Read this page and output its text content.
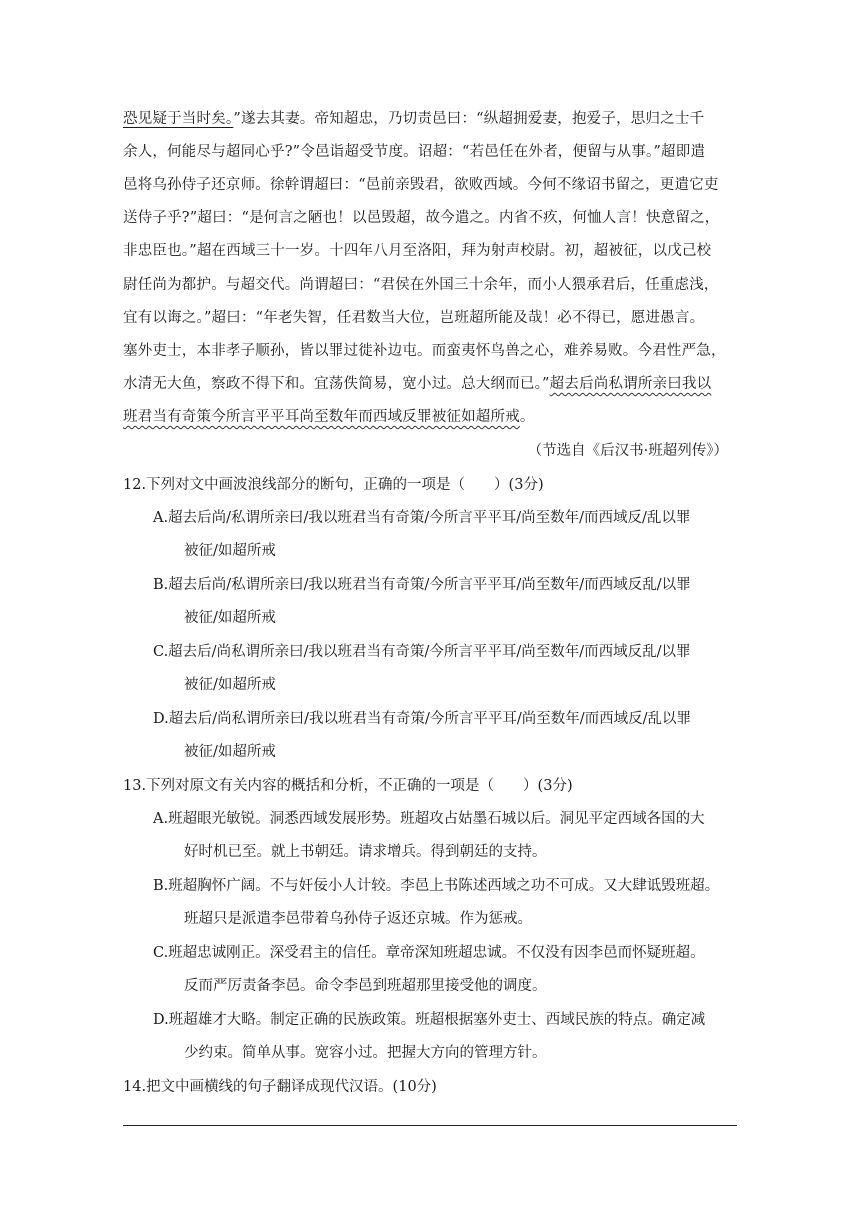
恐见疑于当时矣。”遂去其妻。帝知超忠，乃切责邑曰：“纵超拥爱妻，抱爱子，思归之士千
余人，何能尽与超同心乎?”令邑诣超受节度。诏超：“若邑任在外者，便留与从事。”超即遣
邑将乌孙侍子还京师。徐幹谓超曰：“邑前亲毁君，欲败西域。今何不缘诏书留之，更遣它吏
送侍子乎?”超曰：“是何言之陋也！以邑毁超，故今遣之。内省不疚，何恤人言！快意留之，
非忠臣也。”超在西域三十一岁。十四年八月至洛阳，拜为射声校尉。初，超被征，以戊己校
尉任尚为都护。与超交代。尚谓超曰：“君侯在外国三十余年，而小人猥承君后，任重虑浅，
宜有以诲之。”超曰：“年老失智，任君数当大位，岂班超所能及哉！必不得已，愿进愚言。
塞外吏士，本非孝子顺孙，皆以罪过徙补边屯。而蛮夷怀鸟兽之心，难养易败。今君性严急，
水清无大鱼，察政不得下和。宜荡佚简易，宽小过。总大纲而已。”超去后尚私谓所亲曰我以
班君当有奇策今所言平平耳尚至数年而西域反罪被征如超所戒。
（节选自《后汉书·班超列传》）
12.下列对文中画波浪线部分的断句，正确的一项是（　　）(3分)
A.超去后尚/私谓所亲曰/我以班君当有奇策/今所言平平耳/尚至数年/而西域反/乱以罪
被征/如超所戒
B.超去后尚/私谓所亲曰/我以班君当有奇策/今所言平平耳/尚至数年/而西域反乱/以罪
被征/如超所戒
C.超去后/尚私谓所亲曰/我以班君当有奇策/今所言平平耳/尚至数年/而西域反乱/以罪
被征/如超所戒
D.超去后/尚私谓所亲曰/我以班君当有奇策/今所言平平耳/尚至数年/而西域反/乱以罪
被征/如超所戒
13.下列对原文有关内容的概括和分析，不正确的一项是（　　）(3分)
A.班超眼光敏锐。洞悉西域发展形势。班超攻占姑墨石城以后。洞见平定西域各国的大
好时机已至。就上书朝廷。请求增兵。得到朝廷的支持。
B.班超胸怀广阔。不与奸佞小人计较。李邑上书陈述西域之功不可成。又大肆诋毁班超。
班超只是派遣李邑带着乌孙侍子返还京城。作为惩戒。
C.班超忠诚刚正。深受君主的信任。章帝深知班超忠诚。不仅没有因李邑而怀疑班超。
反而严厉责备李邑。命令李邑到班超那里接受他的调度。
D.班超雄才大略。制定正确的民族政策。班超根据塞外吏士、西域民族的特点。确定减
少约束。简单从事。宽容小过。把握大方向的管理方针。
14.把文中画横线的句子翻译成现代汉语。(10分)
